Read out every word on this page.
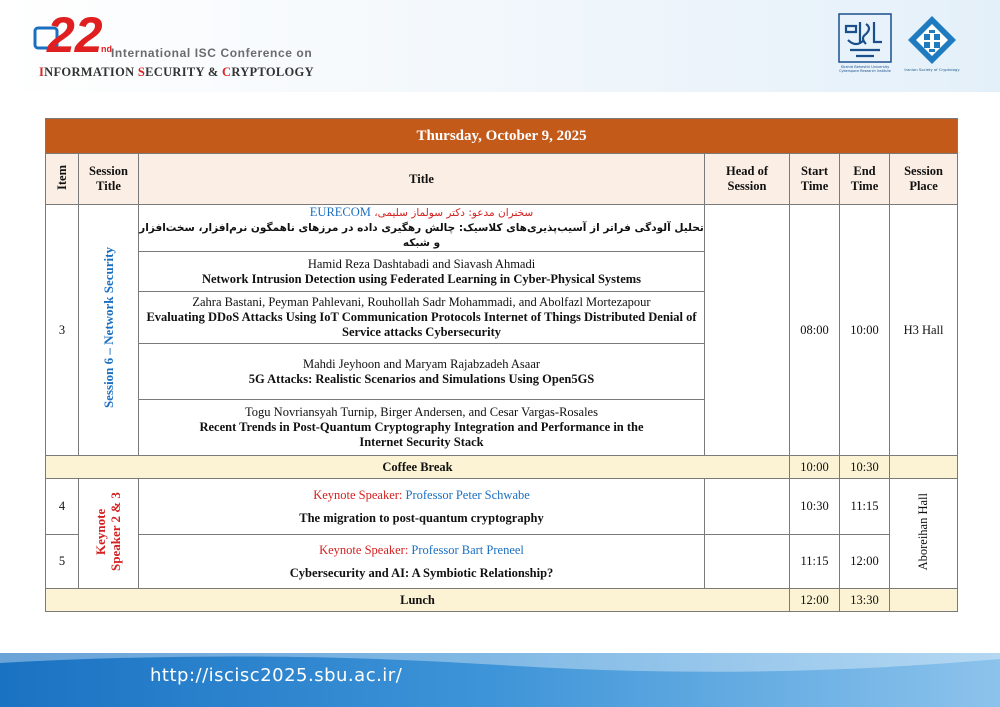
22
nd International ISC Conference on
INFORMATION SECURITY & CRYPTOLOGY	Shahid Beheshti University
Cyberspace Research Institute	Iranian Society of Cryptology
Thursday, October 9, 2025						
Item	Session Title	Title	Head of Session	Start Time	End Time	Session Place
3	Session 6 – Network Security	سخنران مدعو: دکتر سولماز سلیمی، EURECOM
تحلیل آلودگی فراتر از آسیب‌پذیری‌های کلاسیک: چالش رهگیری داده در مرزهای ناهمگون نرم‌افزار، سخت‌افزار و شبکه		08:00	10:00	H3 Hall

		Hamid Reza Dashtabadi and Siavash Ahmadi
Network Intrusion Detection using Federated Learning in Cyber-Physical Systems				

		Zahra Bastani, Peyman Pahlevani, Rouhollah Sadr Mohammadi, and Abolfazl Mortezapour
Evaluating DDoS Attacks Using IoT Communication Protocols Internet of Things Distributed Denial of Service attacks Cybersecurity				

		Mahdi Jeyhoon and Maryam Rajabzadeh Asaar
5G Attacks: Realistic Scenarios and Simulations Using Open5GS				

		Togu Novriansyah Turnip, Birger Andersen, and Cesar Vargas-Rosales
Recent Trends in Post-Quantum Cryptography Integration and Performance in the Internet Security Stack				

Coffee Break				10:00	10:30	
4	Keynote Speaker 2 & 3	Keynote Speaker: Professor Peter Schwabe
The migration to post-quantum cryptography		10:30	11:15	Aboreihan Hall
5		Keynote Speaker: Professor Bart Preneel
Cybersecurity and AI: A Symbiotic Relationship?		11:15	12:00	
Lunch				12:00	13:30	
http://iscisc2025.sbu.ac.ir/
